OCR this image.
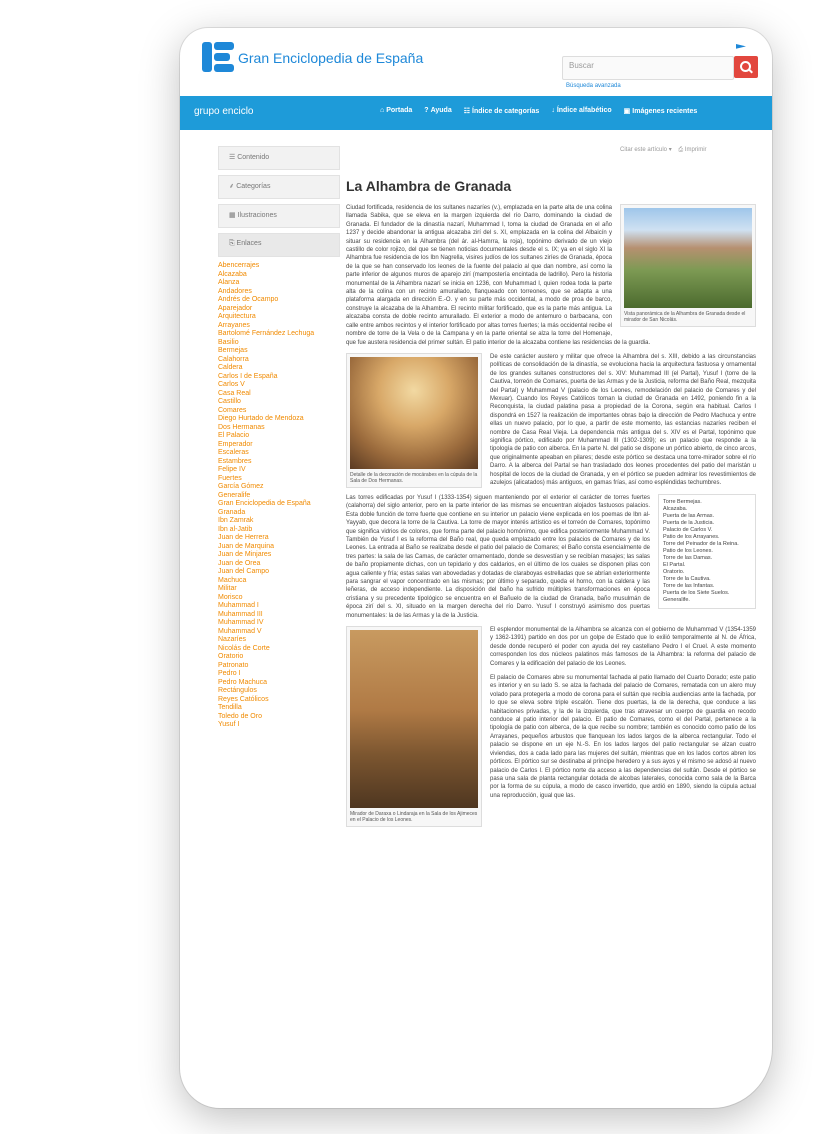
Gran Enciclopedia de España	Buscar
Búsqueda avanzada
grupo enciclo	⌂ Portada ? Ayuda ☷ Índice de categorías ↓ Índice alfabético ▣ Imágenes recientes
☰ Contenido
⸙ Categorías
▦ Ilustraciones
⎘ Enlaces
Abencerrajes
Alcazaba
Alanza
Andadores
Andrés de Ocampo
Aparejador
Arquitectura
Arrayanes
Bartolomé Fernández Lechuga
Basilio
Bermejas
Calahorra
Caldera
Carlos I de España
Carlos V
Casa Real
Castillo
Comares
Diego Hurtado de Mendoza
Dos Hermanas
El Palacio
Emperador
Escaleras
Estambres
Felipe IV
Fuertes
García Gómez
Generalife
Gran Enciclopedia de España
Granada
Ibn Zamrak
Ibn al-Jatib
Juan de Herrera
Juan de Marquina
Juan de Minjares
Juan de Orea
Juan del Campo
Machuca
Militar
Morisco
Muhammad I
Muhammad III
Muhammad IV
Muhammad V
Nazaríes
Nicolás de Corte
Oratorio
Patronato
Pedro I
Pedro Machuca
Rectángulos
Reyes Católicos
Tendilla
Toledo de Oro
Yusuf I
Citar este artículo ▾    ⎙ Imprimir
La Alhambra de Granada
Vista panorámica de la Alhambra de Granada desde el mirador de San Nicolás.

Ciudad fortificada, residencia de los sultanes nazaríes (v.), emplazada en la parte alta de una colina llamada Sabika, que se eleva en la margen izquierda del río Darro, dominando la ciudad de Granada. El fundador de la dinastía nazarí, Muhammad I, toma la ciudad de Granada en el año 1237 y decide abandonar la antigua alcazaba zirí del s. XI, emplazada en la colina del Albaicín y situar su residencia en la Alhambra (del ár. al-Hamrra, la roja), topónimo derivado de un viejo castillo de color rojizo, del que se tienen noticias documentales desde el s. IX; ya en el siglo XI la Alhambra fue residencia de los Ibn Nagrella, visires judíos de los sultanes ziríes de Granada, época de la que se han conservado los leones de la fuente del palacio al que dan nombre, así como la parte inferior de algunos muros de aparejo zirí (mampostería encintada de ladrillo). Pero la historia monumental de la Alhambra nazarí se inicia en 1236, con Muhammad I, quien rodea toda la parte alta de la colina con un recinto amurallado, flanqueado con torreones, que se adapta a una plataforma alargada en dirección E.-O. y en su parte más occidental, a modo de proa de barco, construye la alcazaba de la Alhambra. El recinto militar fortificado, que es la parte más antigua. La alcazaba consta de doble recinto amurallado. El exterior a modo de antemuro o barbacana, con calle entre ambos recintos y el interior fortificado por altas torres fuertes; la más occidental recibe el nombre de torre de la Vela o de la Campana y en la parte oriental se alza la torre del Homenaje, que fue austera residencia del primer sultán. El patio interior de la alcazaba contiene las residencias de la guardia.

Detalle de la decoración de mocárabes en la cúpula de la Sala de Dos Hermanas.

De este carácter austero y militar que ofrece la Alhambra del s. XIII, debido a las circunstancias políticas de consolidación de la dinastía, se evoluciona hacia la arquitectura fastuosa y ornamental de los grandes sultanes constructores del s. XIV: Muhammad III (el Partal), Yusuf I (torre de la Cautiva, torreón de Comares, puerta de las Armas y de la Justicia, reforma del Baño Real, mezquita del Partal) y Muhammad V (palacio de los Leones, remodelación del palacio de Comares y del Mexuar). Cuando los Reyes Católicos toman la ciudad de Granada en 1492, poniendo fin a la Reconquista, la ciudad palatina pasa a propiedad de la Corona, según era habitual. Carlos I dispondrá en 1527 la realización de importantes obras bajo la dirección de Pedro Machuca y entre ellas un nuevo palacio, por lo que, a partir de este momento, las estancias nazaríes reciben el nombre de Casa Real Vieja. La dependencia más antigua del s. XIV es el Partal, topónimo que significa pórtico, edificado por Muhammad III (1302-1309); es un palacio que responde a la tipología de patio con alberca. En la parte N. del patio se dispone un pórtico abierto, de cinco arcos, que originalmente apeaban en pilares; desde este pórtico se destaca una torre-mirador sobre el río Darro. A la alberca del Partal se han trasladado dos leones procedentes del patio del maristán u hospital de locos de la ciudad de Granada, y en el pórtico se pueden admirar los revestimientos de azulejos (alicatados) más antiguos, en gamas frías, así como espléndidas techumbres.

Torre Bermejas.
Alcazaba.
Puerta de las Armas.
Puerta de la Justicia.
Palacio de Carlos V.
Patio de los Arrayanes.
Torre del Peinador de la Reina.
Patio de los Leones.
Torre de las Damas.
El Partal.
Oratorio.
Torre de la Cautiva.
Torre de las Infantas.
Puerta de los Siete Suelos.
Generalife.

Las torres edificadas por Yusuf I (1333-1354) siguen manteniendo por el exterior el carácter de torres fuertes (calahorra) del siglo anterior, pero en la parte interior de las mismas se encuentran alojados fastuosos palacios. Esta doble función de torre fuerte que contiene en su interior un palacio viene explicada en los poemas de Ibn al-Yayyab, que decora la torre de la Cautiva. La torre de mayor interés artístico es el torreón de Comares, topónimo que significa vidrios de colores, que forma parte del palacio homónimo, que edifica posteriormente Muhammad V. También de Yusuf I es la reforma del Baño real, que queda emplazado entre los palacios de Comares y de los Leones. La entrada al Baño se realizaba desde el patio del palacio de Comares; el Baño consta esencialmente de tres partes: la sala de las Camas, de carácter ornamentado, donde se desvestían y se recibían masajes; las salas de baño propiamente dichas, con un tepidario y dos caldarios, en el último de los cuales se disponen pilas con agua caliente y fría; estas salas van abovedadas y dotadas de claraboyas estrelladas que se abrían exteriormente para sangrar el vapor concentrado en las mismas; por último y separado, queda el horno, con la caldera y las leñeras, de acceso independiente. La disposición del baño ha sufrido múltiples transformaciones en época cristiana y su precedente tipológico se encuentra en el Bañuelo de la ciudad de Granada, baño musulmán de época zirí del s. XI, situado en la margen derecha del río Darro. Yusuf I construyó asimismo dos puertas monumentales: la de las Armas y la de la Justicia.

Mirador de Daraxa o Lindaraja en la Sala de los Ajimeces en el Palacio de los Leones.

El esplendor monumental de la Alhambra se alcanza con el gobierno de Muhammad V (1354-1359 y 1362-1391) partido en dos por un golpe de Estado que lo exilió temporalmente al N. de África, desde donde recuperó el poder con ayuda del rey castellano Pedro I el Cruel. A este momento corresponden los dos núcleos palatinos más famosos de la Alhambra: la reforma del palacio de Comares y la edificación del palacio de los Leones.

El palacio de Comares abre su monumental fachada al patio llamado del Cuarto Dorado; este patio es interior y en su lado S. se alza la fachada del palacio de Comares, rematada con un alero muy volado para protegerla a modo de corona para el sultán que recibía audiencias ante la fachada, por lo que se eleva sobre triple escalón. Tiene dos puertas, la de la derecha, que conduce a las habitaciones privadas, y la de la izquierda, que tras atravesar un cuerpo de guardia en recodo conduce al patio interior del palacio. El patio de Comares, como el del Partal, pertenece a la tipología de patio con alberca, de la que recibe su nombre; también es conocido como patio de los Arrayanes, pequeños arbustos que flanquean los lados largos de la alberca rectangular. Todo el palacio se dispone en un eje N.-S. En los lados largos del patio rectangular se alzan cuatro viviendas, dos a cada lado para las mujeres del sultán, mientras que en los lados cortos abren los pórticos. El pórtico sur se destinaba al príncipe heredero y a sus ayos y el mismo se adosó al nuevo palacio de Carlos I. El pórtico norte da acceso a las dependencias del sultán. Desde el pórtico se pasa una sala de planta rectangular dotada de alcobas laterales, conocida como sala de la Barca por la forma de su cúpula, a modo de casco invertido, que ardió en 1890, siendo la cúpula actual una reproducción, igual que las.
